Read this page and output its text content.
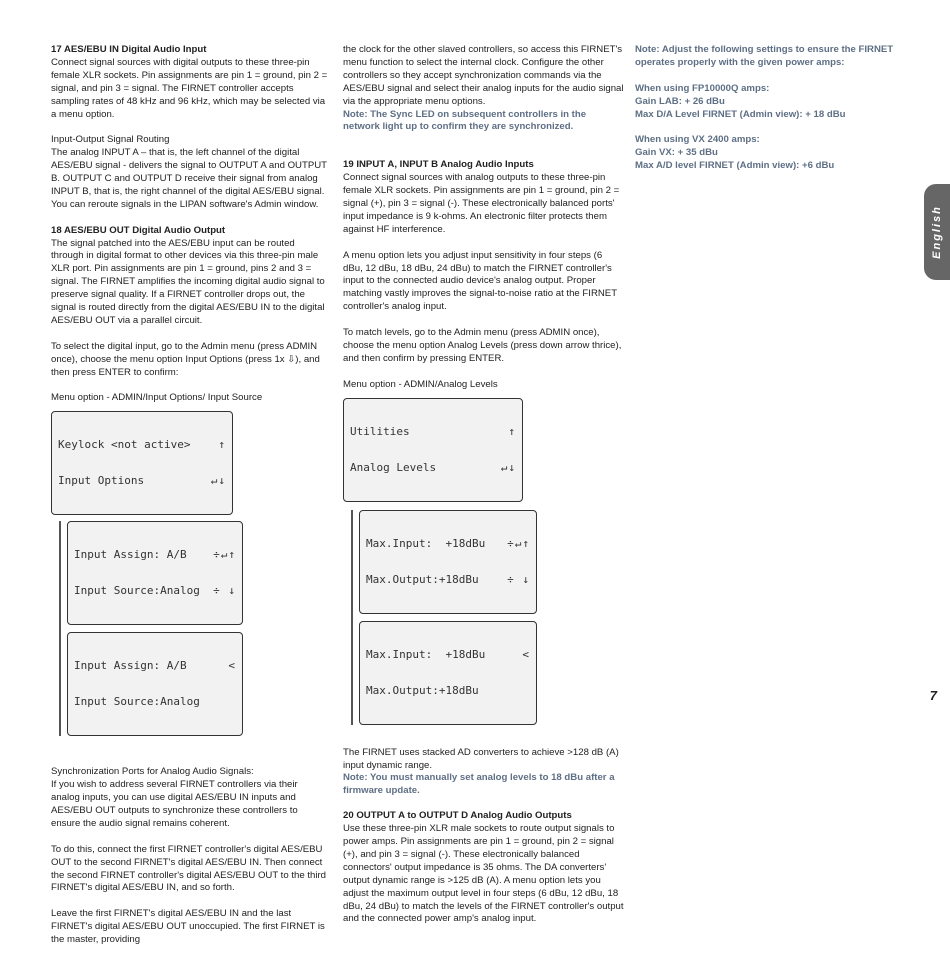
17 AES/EBU IN Digital Audio Input
Connect signal sources with digital outputs to these three-pin female XLR sockets. Pin assignments are pin 1 = ground, pin 2 = signal, and pin 3 = signal. The FIRNET controller accepts sampling rates of 48 kHz and 96 kHz, which may be selected via a menu option.

Input-Output Signal Routing
The analog INPUT A – that is, the left channel of the digital AES/EBU signal - delivers the signal to OUTPUT A and OUTPUT B. OUTPUT C and OUTPUT D receive their signal from analog INPUT B, that is, the right channel of the digital AES/EBU signal. You can reroute signals in the LIPAN software's Admin window.

18 AES/EBU OUT Digital Audio Output
The signal patched into the AES/EBU input can be routed through in digital format to other devices via this three-pin male XLR port. Pin assignments are pin 1 = ground, pins 2 and 3 = signal. The FIRNET amplifies the incoming digital audio signal to preserve signal quality. If a FIRNET controller drops out, the signal is routed directly from the digital AES/EBU IN to the digital AES/EBU OUT via a parallel circuit.

To select the digital input, go to the Admin menu (press ADMIN once), choose the menu option Input Options (press 1x ⇩), and then press ENTER to confirm:

Menu option - ADMIN/Input Options/ Input Source

Keylock <not active>	↑

Input Options	↵↓

Input Assign: A/B ÷↵↑

Input Source:Analog ÷ ↓

Input Assign: A/B	<

Input Source:Analog

Synchronization Ports for Analog Audio Signals:
If you wish to address several FIRNET controllers via their analog inputs, you can use digital AES/EBU IN inputs and AES/EBU OUT outputs to synchronize these controllers to ensure the audio signal remains coherent.

To do this, connect the first FIRNET controller's digital AES/EBU OUT to the second FIRNET's digital AES/EBU IN. Then connect the second FIRNET controller's digital AES/EBU OUT to the third FIRNET's digital AES/EBU IN, and so forth.

Leave the first FIRNET's digital AES/EBU IN and the last FIRNET's digital AES/EBU OUT unoccupied. The first FIRNET is the master, providing

the clock for the other slaved controllers, so access this FIRNET's menu function to select the internal clock. Configure the other controllers so they accept synchronization commands via the AES/EBU signal and select their analog inputs for the audio signal via the appropriate menu options.

Note: The Sync LED on subsequent controllers in the network light up to confirm they are synchronized.

19 INPUT A, INPUT B Analog Audio Inputs
Connect signal sources with analog outputs to these three-pin female XLR sockets. Pin assignments are pin 1 = ground, pin 2 = signal (+), pin 3 = signal (-). These electronically balanced ports' input impedance is 9 k-ohms. An electronic filter protects them against HF interference.

A menu option lets you adjust input sensitivity in four steps (6 dBu, 12 dBu, 18 dBu, 24 dBu) to match the FIRNET controller's input to the connected audio device's analog output. Proper matching vastly improves the signal-to-noise ratio at the FIRNET controller's analog input.

To match levels, go to the Admin menu (press ADMIN once), choose the menu option Analog Levels (press down arrow thrice), and then confirm by pressing ENTER.

Menu option - ADMIN/Analog Levels

Utilities	↑

Analog Levels	↵↓

Max.Input:  +18dBu ÷↵↑

Max.Output:+18dBu	÷ ↓

Max.Input:  +18dBu	<

Max.Output:+18dBu

The FIRNET uses stacked AD converters to achieve >128 dB (A) input dynamic range.

Note: You must manually set analog levels to 18 dBu after a firmware update.

20 OUTPUT A to OUTPUT D Analog Audio Outputs
Use these three-pin XLR male sockets to route output signals to power amps. Pin assignments are pin 1 = ground, pin 2 = signal (+), and pin 3 = signal (-). These electronically balanced connectors' output impedance is 35 ohms. The DA converters' output dynamic range is >125 dB (A). A menu option lets you adjust the maximum output level in four steps (6 dBu, 12 dBu, 18 dBu, 24 dBu) to match the levels of the FIRNET controller's output and the connected power amp's analog input.

Note: Adjust the following settings to ensure the FIRNET operates properly with the given power amps:

When using FP10000Q amps:
Gain LAB: + 26 dBu
Max D/A Level FIRNET (Admin view): + 18 dBu
When using VX 2400 amps:
Gain VX: + 35 dBu
Max A/D level FIRNET (Admin view): +6 dBu
English
7
